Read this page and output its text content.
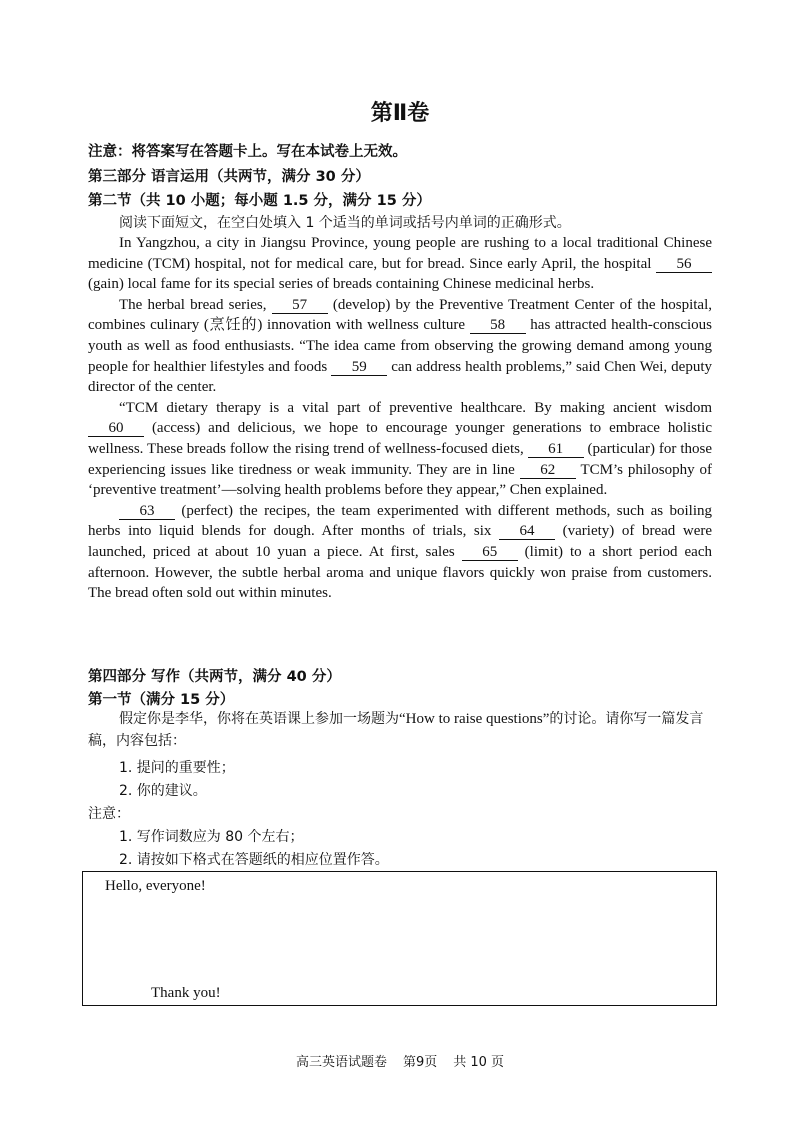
第Ⅱ卷

注意：将答案写在答题卡上。写在本试卷上无效。

第三部分 语言运用（共两节，满分 30 分）

第二节（共 10 小题；每小题 1.5 分，满分 15 分）

阅读下面短文，在空白处填入 1 个适当的单词或括号内单词的正确形式。

In Yangzhou, a city in Jiangsu Province, young people are rushing to a local traditional Chinese medicine (TCM) hospital, not for medical care, but for bread. Since early April, the hospital 56 (gain) local fame for its special series of breads containing Chinese medicinal herbs.

The herbal bread series, 57 (develop) by the Preventive Treatment Center of the hospital, combines culinary (烹饪的) innovation with wellness culture 58 has attracted health-conscious youth as well as food enthusiasts. “The idea came from observing the growing demand among young people for healthier lifestyles and foods 59 can address health problems,” said Chen Wei, deputy director of the center.

“TCM dietary therapy is a vital part of preventive healthcare. By making ancient wisdom 60 (access) and delicious, we hope to encourage younger generations to embrace holistic wellness. These breads follow the rising trend of wellness-focused diets, 61 (particular) for those experiencing issues like tiredness or weak immunity. They are in line 62 TCM’s philosophy of ‘preventive treatment’—solving health problems before they appear,” Chen explained.

63 (perfect) the recipes, the team experimented with different methods, such as boiling herbs into liquid blends for dough. After months of trials, six 64 (variety) of bread were launched, priced at about 10 yuan a piece. At first, sales 65 (limit) to a short period each afternoon. However, the subtle herbal aroma and unique flavors quickly won praise from customers. The bread often sold out within minutes.

第四部分 写作（共两节，满分 40 分）

第一节（满分 15 分）

假定你是李华，你将在英语课上参加一场题为“How to raise questions”的讨论。请你写一篇发言稿，内容包括：

1. 提问的重要性；

2. 你的建议。

注意：

1. 写作词数应为 80 个左右；

2. 请按如下格式在答题纸的相应位置作答。

Hello, everyone!

Thank you!

高三英语试题卷 第9页 共 10 页
